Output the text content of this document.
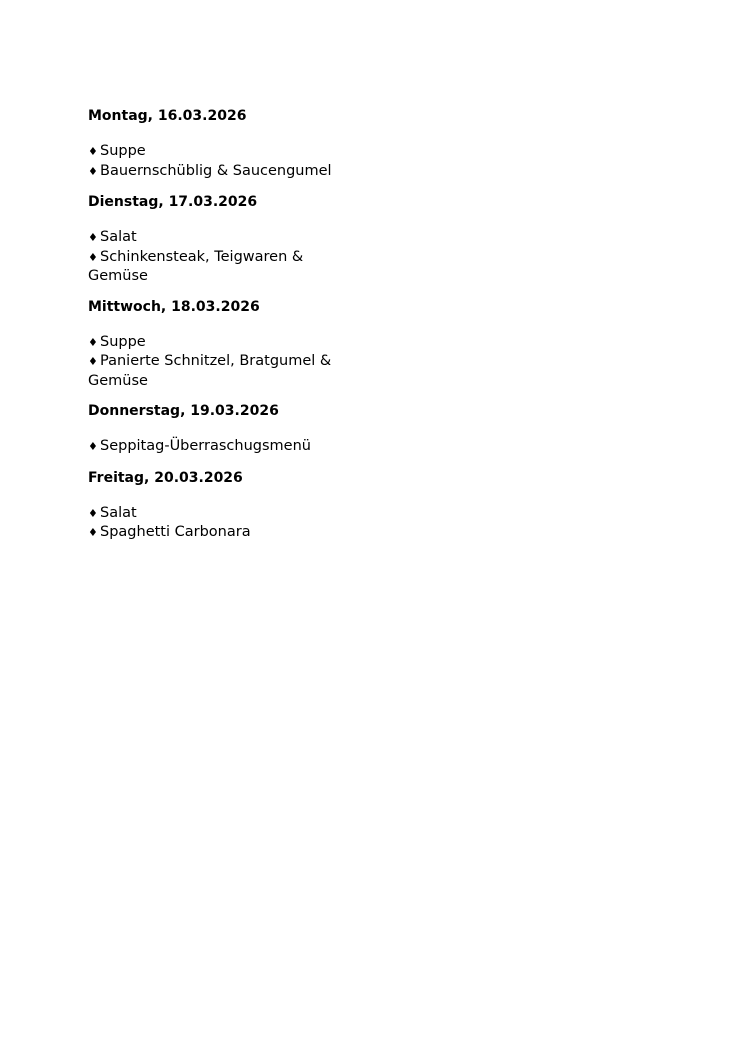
Montag, 16.03.2026
♦ Suppe
♦ Bauernschüblig & Saucengumel
Dienstag, 17.03.2026
♦ Salat
♦ Schinkensteak, Teigwaren & Gemüse
Mittwoch, 18.03.2026
♦ Suppe
♦ Panierte Schnitzel, Bratgumel & Gemüse
Donnerstag, 19.03.2026
♦ Seppitag-Überraschugsmenü
Freitag, 20.03.2026
♦ Salat
♦ Spaghetti Carbonara
